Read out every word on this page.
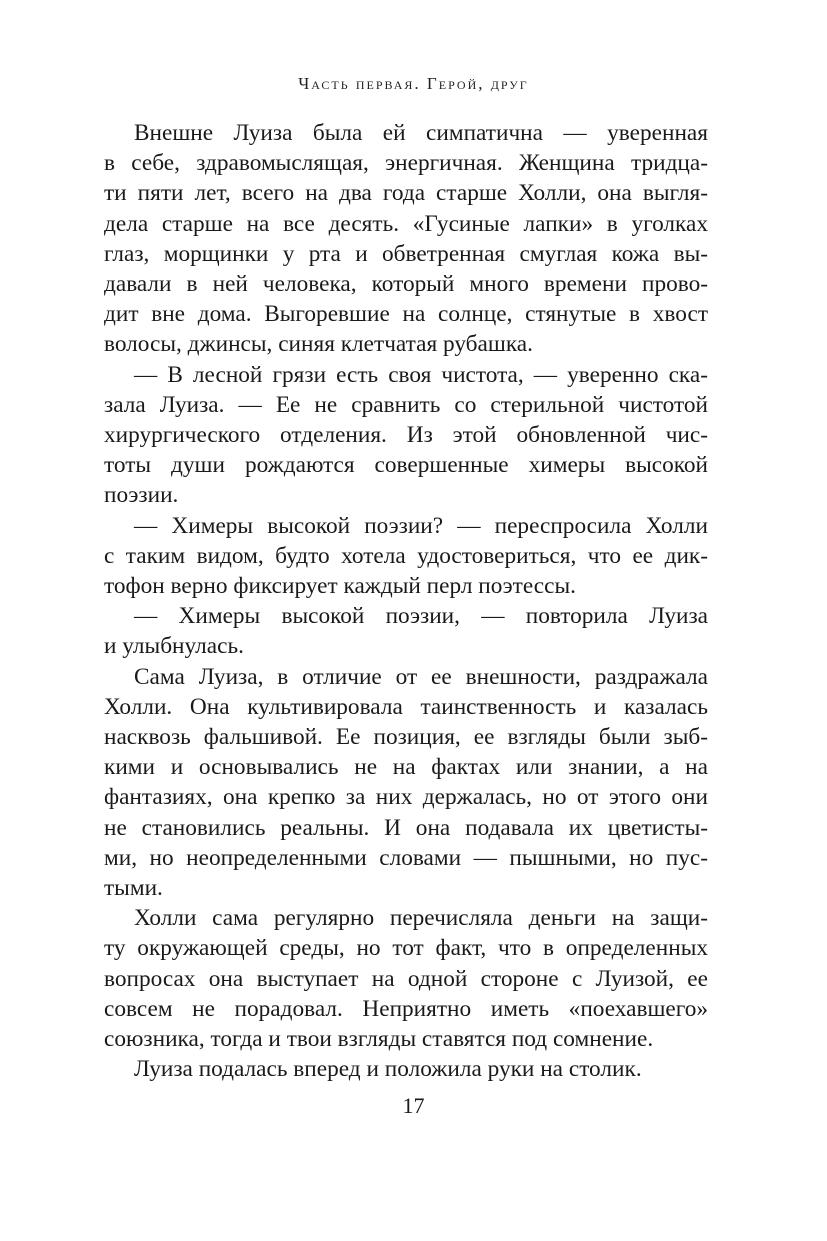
Часть первая. Герой, друг
Внешне Луиза была ей симпатична — уверенная
в себе, здравомыслящая, энергичная. Женщина тридца-
ти пяти лет, всего на два года старше Холли, она выгля-
дела старше на все десять. «Гусиные лапки» в уголках
глаз, морщинки у рта и обветренная смуглая кожа вы-
давали в ней человека, который много времени прово-
дит вне дома. Выгоревшие на солнце, стянутые в хвост
волосы, джинсы, синяя клетчатая рубашка.
— В лесной грязи есть своя чистота, — уверенно ска-
зала Луиза. — Ее не сравнить со стерильной чистотой
хирургического отделения. Из этой обновленной чис-
тоты души рождаются совершенные химеры высокой
поэзии.
— Химеры высокой поэзии? — переспросила Холли
с таким видом, будто хотела удостовериться, что ее дик-
тофон верно фиксирует каждый перл поэтессы.
— Химеры высокой поэзии, — повторила Луиза
и улыбнулась.
Сама Луиза, в отличие от ее внешности, раздражала
Холли. Она культивировала таинственность и казалась
насквозь фальшивой. Ее позиция, ее взгляды были зыб-
кими и основывались не на фактах или знании, а на
фантазиях, она крепко за них держалась, но от этого они
не становились реальны. И она подавала их цветисты-
ми, но неопределенными словами — пышными, но пус-
тыми.
Холли сама регулярно перечисляла деньги на защи-
ту окружающей среды, но тот факт, что в определенных
вопросах она выступает на одной стороне с Луизой, ее
совсем не порадовал. Неприятно иметь «поехавшего»
союзника, тогда и твои взгляды ставятся под сомнение.
Луиза подалась вперед и положила руки на столик.
17
